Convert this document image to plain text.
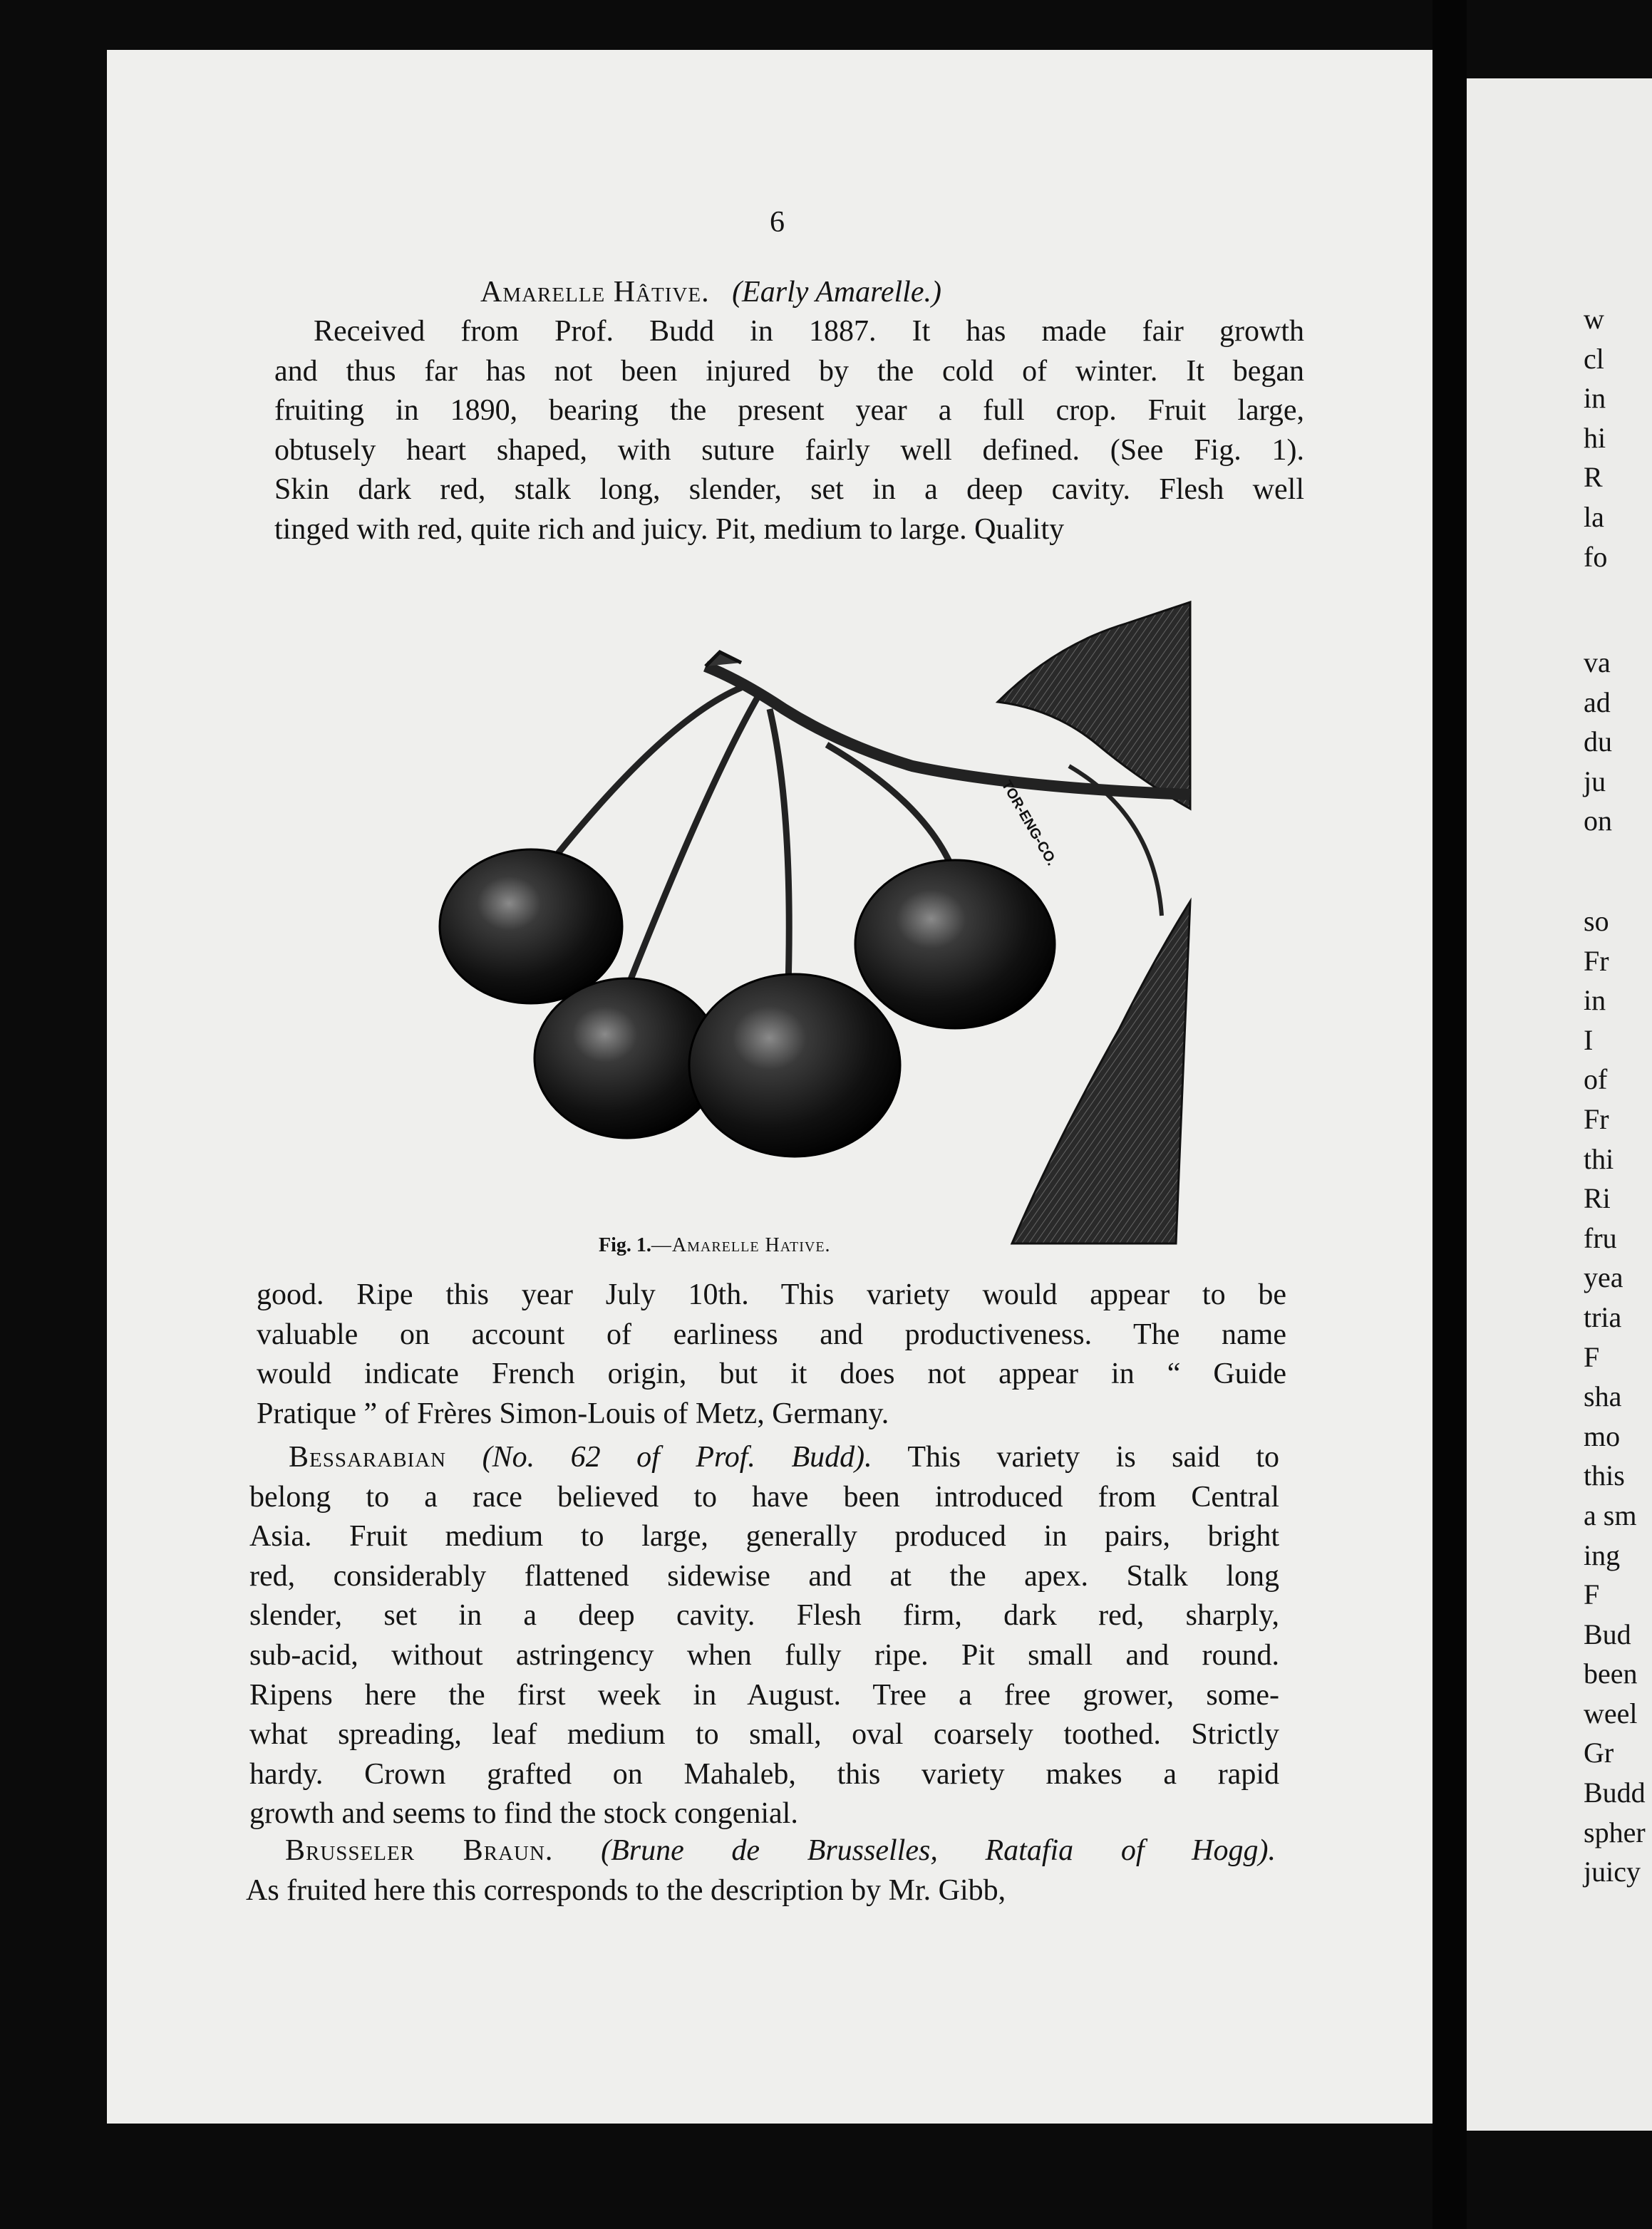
6
Amarelle Hâtive. (Early Amarelle.)
Received from Prof. Budd in 1887. It has made fair growth
and thus far has not been injured by the cold of winter. It began
fruiting in 1890, bearing the present year a full crop. Fruit large,
obtusely heart shaped, with suture fairly well defined. (See Fig. 1).
Skin dark red, stalk long, slender, set in a deep cavity. Flesh well
tinged with red, quite rich and juicy. Pit, medium to large. Quality
TOR-ENG-CO.
Fig. 1.—Amarelle Hative.
good. Ripe this year July 10th. This variety would appear to be
valuable on account of earliness and productiveness. The name
would indicate French origin, but it does not appear in “ Guide
Pratique ” of Frères Simon-Louis of Metz, Germany.
Bessarabian (No. 62 of Prof. Budd). This variety is said to
belong to a race believed to have been introduced from Central
Asia. Fruit medium to large, generally produced in pairs, bright
red, considerably flattened sidewise and at the apex. Stalk long
slender, set in a deep cavity. Flesh firm, dark red, sharply,
sub-acid, without astringency when fully ripe. Pit small and round.
Ripens here the first week in August. Tree a free grower, some-
what spreading, leaf medium to small, oval coarsely toothed. Strictly
hardy. Crown grafted on Mahaleb, this variety makes a rapid
growth and seems to find the stock congenial.
Brusseler Braun. (Brune de Brusselles, Ratafia of Hogg).
As fruited here this corresponds to the description by Mr. Gibb,
w
cl
in
hi
R
la
fo
va
ad
du
ju
on
so
Fr
in
I
of
Fr
thi
Ri
fru
yea
tria
F
sha
mo
this
a sm
ing
F
Bud
been
weel
Gr
Budd
spher
juicy
